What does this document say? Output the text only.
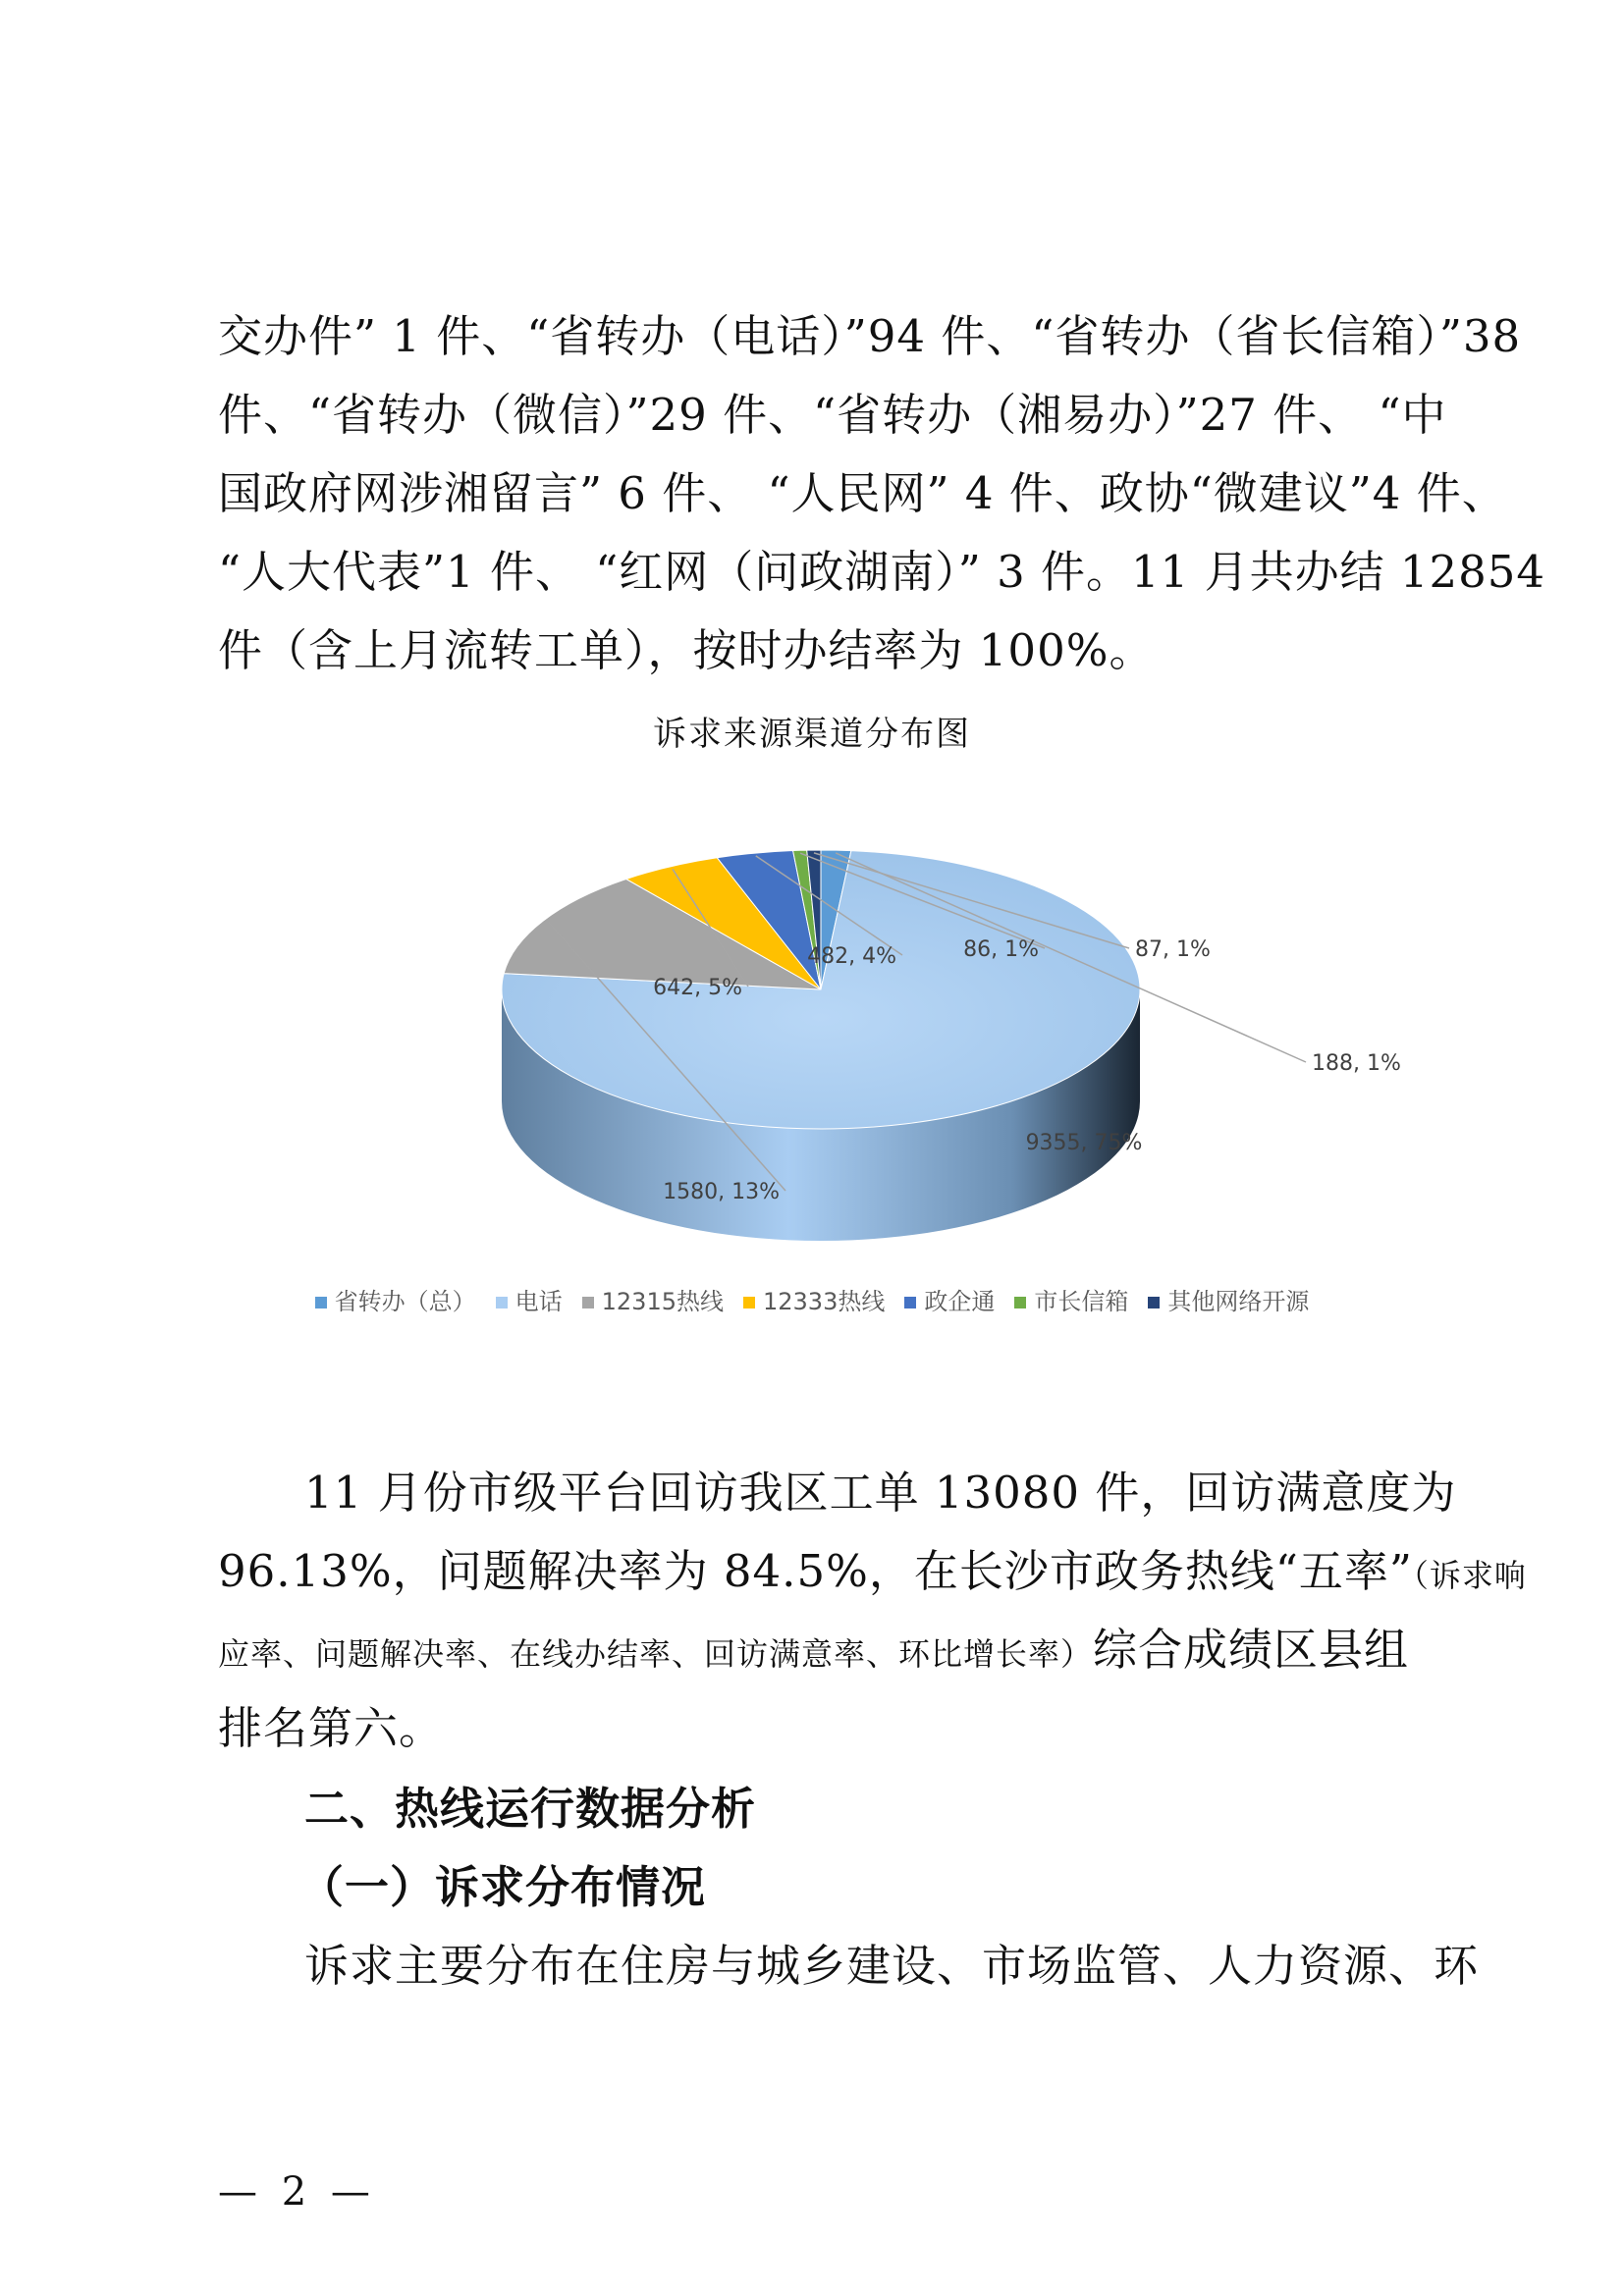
交办件” 1 件、“省转办（电话）”94 件、“省转办（省长信箱）”38
件、“省转办（微信）”29 件、“省转办（湘易办）”27 件、 “中
国政府网涉湘留言” 6 件、 “人民网” 4 件、政协“微建议”4 件、
“人大代表”1 件、 “红网（问政湖南）” 3 件。11 月共办结 12854
件（含上月流转工单），按时办结率为 100%。
诉求来源渠道分布图
188, 1%
9355, 75%
1580, 13%
642, 5%
482, 4%	86, 1%	87, 1%
省转办（总） 电话 12315热线 12333热线 政企通 市长信箱 其他网络开源
11 月份市级平台回访我区工单 13080 件，回访满意度为
96.13%，问题解决率为 84.5%，在长沙市政务热线“五率”（诉求响
应率、问题解决率、在线办结率、回访满意率、环比增长率）综合成绩区县组
排名第六。
二、热线运行数据分析
（一）诉求分布情况
诉求主要分布在住房与城乡建设、市场监管、人力资源、环
— 2 —
